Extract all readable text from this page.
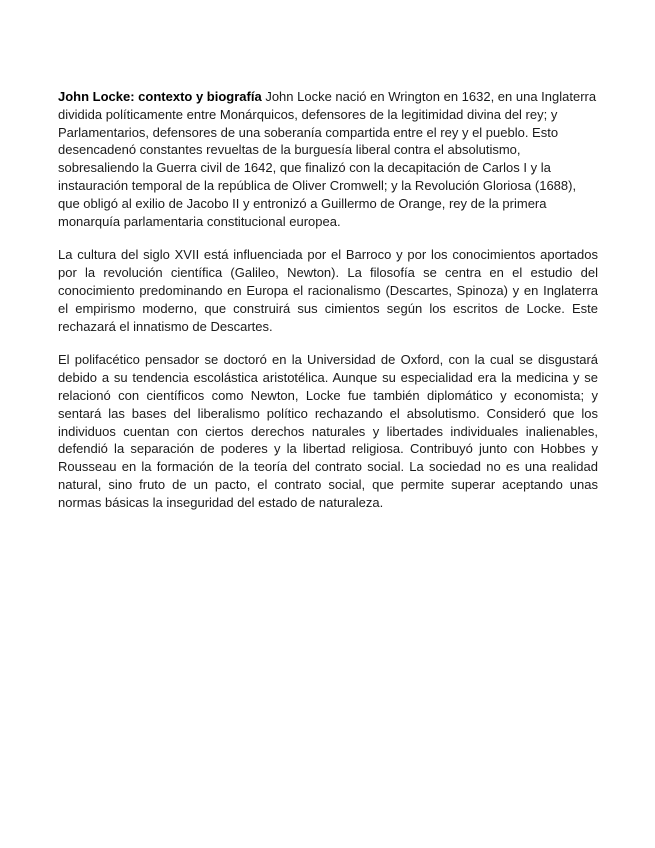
John Locke: contexto y biografía John Locke nació en Wrington en 1632, en una Inglaterra dividida políticamente entre Monárquicos, defensores de la legitimidad divina del rey; y Parlamentarios, defensores de una soberanía compartida entre el rey y el pueblo. Esto desencadenó constantes revueltas de la burguesía liberal contra el absolutismo, sobresaliendo la Guerra civil de 1642, que finalizó con la decapitación de Carlos I y la instauración temporal de la república de Oliver Cromwell; y la Revolución Gloriosa (1688), que obligó al exilio de Jacobo II y entronizó a Guillermo de Orange, rey de la primera monarquía parlamentaria constitucional europea.

La cultura del siglo XVII está influenciada por el Barroco y por los conocimientos aportados por la revolución científica (Galileo, Newton). La filosofía se centra en el estudio del conocimiento predominando en Europa el racionalismo (Descartes, Spinoza) y en Inglaterra el empirismo moderno, que construirá sus cimientos según los escritos de Locke. Este rechazará el innatismo de Descartes.

El polifacético pensador se doctoró en la Universidad de Oxford, con la cual se disgustará debido a su tendencia escolástica aristotélica. Aunque su especialidad era la medicina y se relacionó con científicos como Newton, Locke fue también diplomático y economista; y sentará las bases del liberalismo político rechazando el absolutismo. Consideró que los individuos cuentan con ciertos derechos naturales y libertades individuales inalienables, defendió la separación de poderes y la libertad religiosa. Contribuyó junto con Hobbes y Rousseau en la formación de la teoría del contrato social. La sociedad no es una realidad natural, sino fruto de un pacto, el contrato social, que permite superar aceptando unas normas básicas la inseguridad del estado de naturaleza.
